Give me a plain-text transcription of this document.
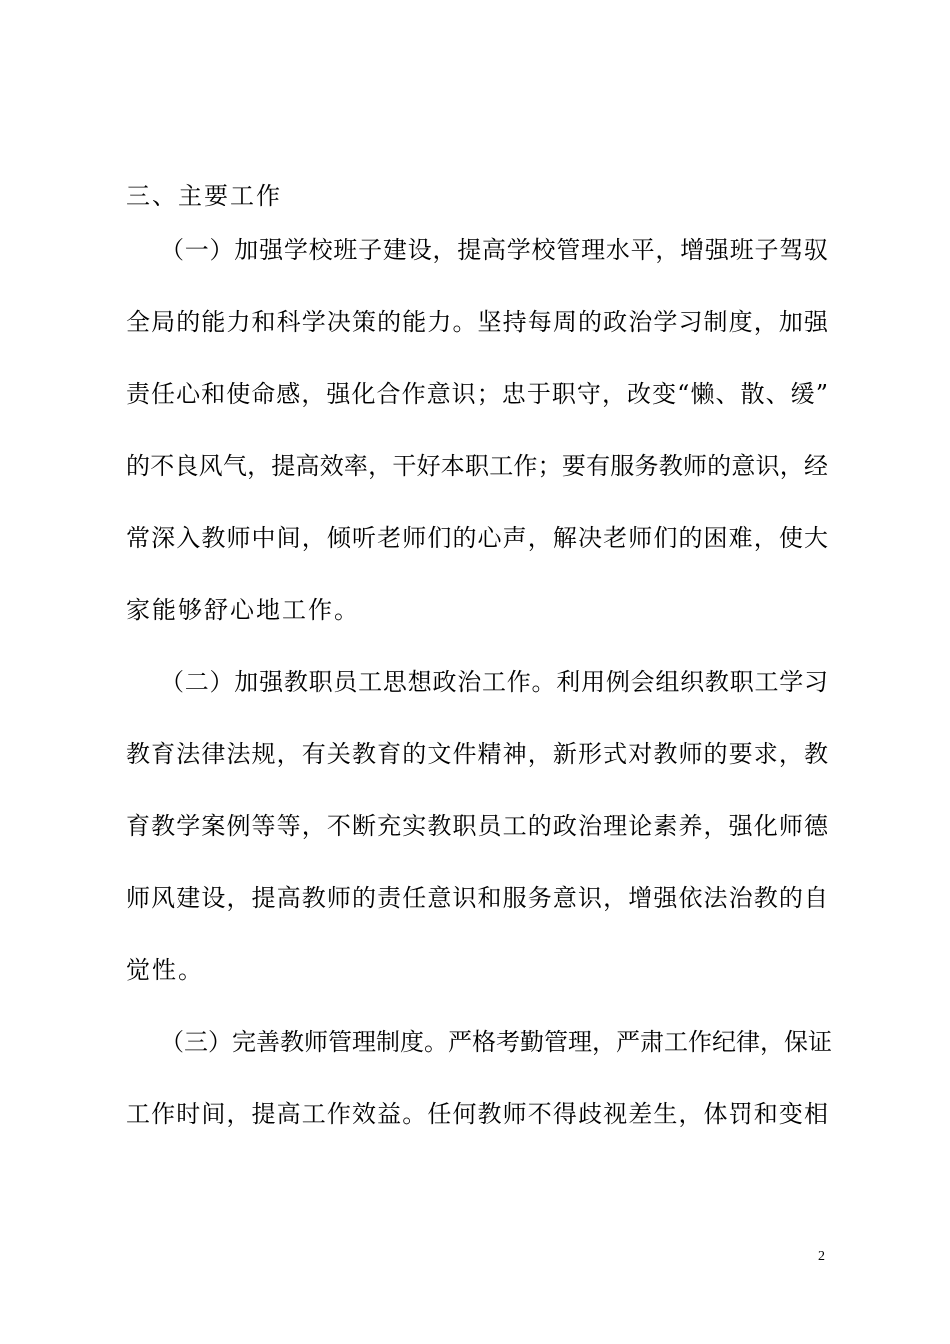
三、主要工作
（一）加强学校班子建设，提高学校管理水平，增强班子驾驭
全局的能力和科学决策的能力。坚持每周的政治学习制度，加强
责任心和使命感，强化合作意识；忠于职守，改变“懒、散、缓”
的不良风气，提高效率，干好本职工作；要有服务教师的意识，经
常深入教师中间，倾听老师们的心声，解决老师们的困难，使大
家能够舒心地工作。
（二）加强教职员工思想政治工作。利用例会组织教职工学习
教育法律法规，有关教育的文件精神，新形式对教师的要求，教
育教学案例等等，不断充实教职员工的政治理论素养，强化师德
师风建设，提高教师的责任意识和服务意识，增强依法治教的自
觉性。
（三）完善教师管理制度。严格考勤管理，严肃工作纪律，保证
工作时间，提高工作效益。任何教师不得歧视差生，体罚和变相
2
